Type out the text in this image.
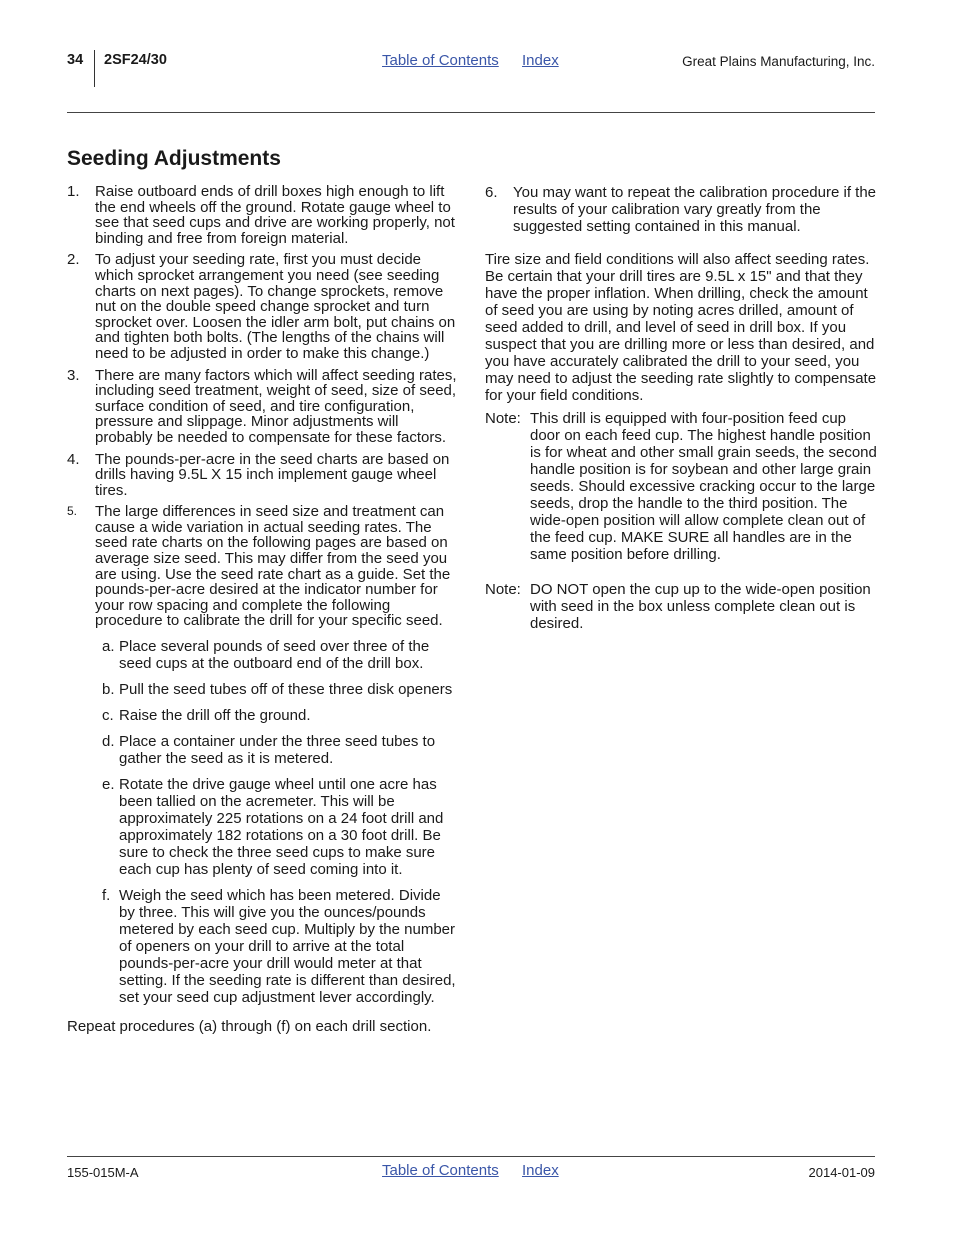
34 2SF24/30	Table of Contents Index	Great Plains Manufacturing, Inc.
Seeding Adjustments
1.	Raise outboard ends of drill boxes high enough to lift the end wheels off the ground. Rotate gauge wheel to see that seed cups and drive are working properly, not binding and free from foreign material.
2.	To adjust your seeding rate, first you must decide which sprocket arrangement you need (see seeding charts on next pages). To change sprockets, remove nut on the double speed change sprocket and turn sprocket over. Loosen the idler arm bolt, put chains on and tighten both bolts. (The lengths of the chains will need to be adjusted in order to make this change.)
3.	There are many factors which will affect seeding rates, including seed treatment, weight of seed, size of seed, surface condition of seed, and tire configuration, pressure and slippage. Minor adjustments will probably be needed to compensate for these factors.
4.	The pounds-per-acre in the seed charts are based on drills having 9.5L X 15 inch implement gauge wheel tires.
5.	The large differences in seed size and treatment can cause a wide variation in actual seeding rates. The seed rate charts on the following pages are based on average size seed. This may differ from the seed you are using. Use the seed rate chart as a guide. Set the pounds-per-acre desired at the indicator number for your row spacing and complete the following procedure to calibrate the drill for your specific seed.
a. Place several pounds of seed over three of the seed cups at the outboard end of the drill box.
b. Pull the seed tubes off of these three disk openers
c. Raise the drill off the ground.
d. Place a container under the three seed tubes to gather the seed as it is metered.
e. Rotate the drive gauge wheel until one acre has been tallied on the acremeter. This will be approximately 225 rotations on a 24 foot drill and approximately 182 rotations on a 30 foot drill. Be sure to check the three seed cups to make sure each cup has plenty of seed coming into it.
f. Weigh the seed which has been metered. Divide by three. This will give you the ounces/pounds metered by each seed cup. Multiply by the number of openers on your drill to arrive at the total pounds-per-acre your drill would meter at that setting. If the seeding rate is different than desired, set your seed cup adjustment lever accordingly.
Repeat procedures (a) through (f) on each drill section.
6.	You may want to repeat the calibration procedure if the results of your calibration vary greatly from the suggested setting contained in this manual.
Tire size and field conditions will also affect seeding rates. Be certain that your drill tires are 9.5L x 15" and that they have the proper inflation. When drilling, check the amount of seed you are using by noting acres drilled, amount of seed added to drill, and level of seed in drill box. If you suspect that you are drilling more or less than desired, and you have accurately calibrated the drill to your seed, you may need to adjust the seeding rate slightly to compensate for your field conditions.
Note: This drill is equipped with four-position feed cup door on each feed cup. The highest handle position is for wheat and other small grain seeds, the second handle position is for soybean and other large grain seeds. Should excessive cracking occur to the large seeds, drop the handle to the third position. The wide-open position will allow complete clean out of the feed cup. MAKE SURE all handles are in the same position before drilling.
Note: DO NOT open the cup up to the wide-open position with seed in the box unless complete clean out is desired.
155-015M-A	Table of Contents Index	2014-01-09
